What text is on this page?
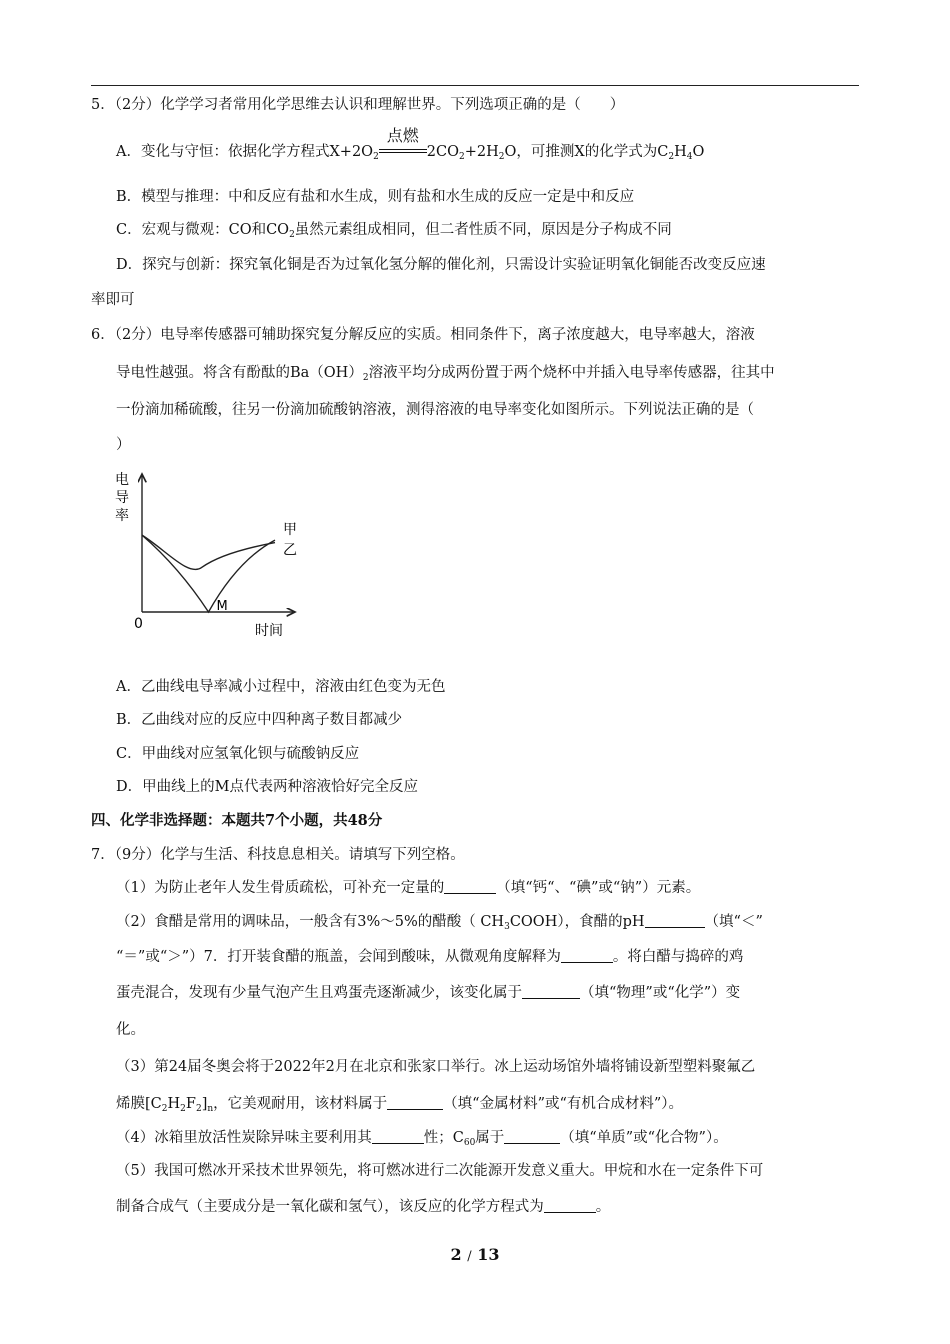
5．（2分）化学学习者常用化学思维去认识和理解世界。下列选项正确的是（　　）
A．变化与守恒：依据化学方程式$X+2O_2$
点燃
$2CO_2+2H_2O$，可推测X的化学式为$C_2H_4O$
B．模型与推理：中和反应有盐和水生成，则有盐和水生成的反应一定是中和反应
C．宏观与微观：CO和$CO_2$虽然元素组成相同，但二者性质不同，原因是分子构成不同
D．探究与创新：探究氧化铜是否为过氧化氢分解的催化剂，只需设计实验证明氧化铜能否改变反应速
率即可
6．（2分）电导率传感器可辅助探究复分解反应的实质。相同条件下，离子浓度越大，电导率越大，溶液
导电性越强。将含有酚酞的$Ba(OH)_2$溶液平均分成两份置于两个烧杯中并插入电导率传感器，往其中
一份滴加稀硫酸，往另一份滴加硫酸钠溶液，测得溶液的电导率变化如图所示。下列说法正确的是（
）
电
导
率
0	时间
甲
乙
M
A．乙曲线电导率减小过程中，溶液由红色变为无色
B．乙曲线对应的反应中四种离子数目都减少
C．甲曲线对应氢氧化钡与硫酸钠反应
D．甲曲线上的M点代表两种溶液恰好完全反应
四、化学非选择题：本题共7个小题，共48分
7．（9分）化学与生活、科技息息相关。请填写下列空格。
（1）为防止老年人发生骨质疏松，可补充一定量的	（填“钙“、“碘”或“钠”）元素。
（2）食醋是常用的调味品，一般含有3%～5%的醋酸（ $CH_3COOH$），食醋的pH	（填“＜”
“＝”或“＞”）7．打开装食醋的瓶盖，会闻到酸味，从微观角度解释为	。将白醋与捣碎的鸡
蛋壳混合，发现有少量气泡产生且鸡蛋壳逐渐减少，该变化属于	（填“物理”或“化学”）变
化。
（3）第24届冬奥会将于2022年2月在北京和张家口举行。冰上运动场馆外墙将铺设新型塑料聚氟乙
烯膜$[C_2H_2F_2]_n$，它美观耐用，该材料属于	（填“金属材料”或“有机合成材料”）。
（4）冰箱里放活性炭除异味主要利用其	性；$C_{60}$属于	（填“单质”或“化合物”）。
（5）我国可燃冰开采技术世界领先，将可燃冰进行二次能源开发意义重大。甲烷和水在一定条件下可
制备合成气（主要成分是一氧化碳和氢气），该反应的化学方程式为	。
2 / 13
